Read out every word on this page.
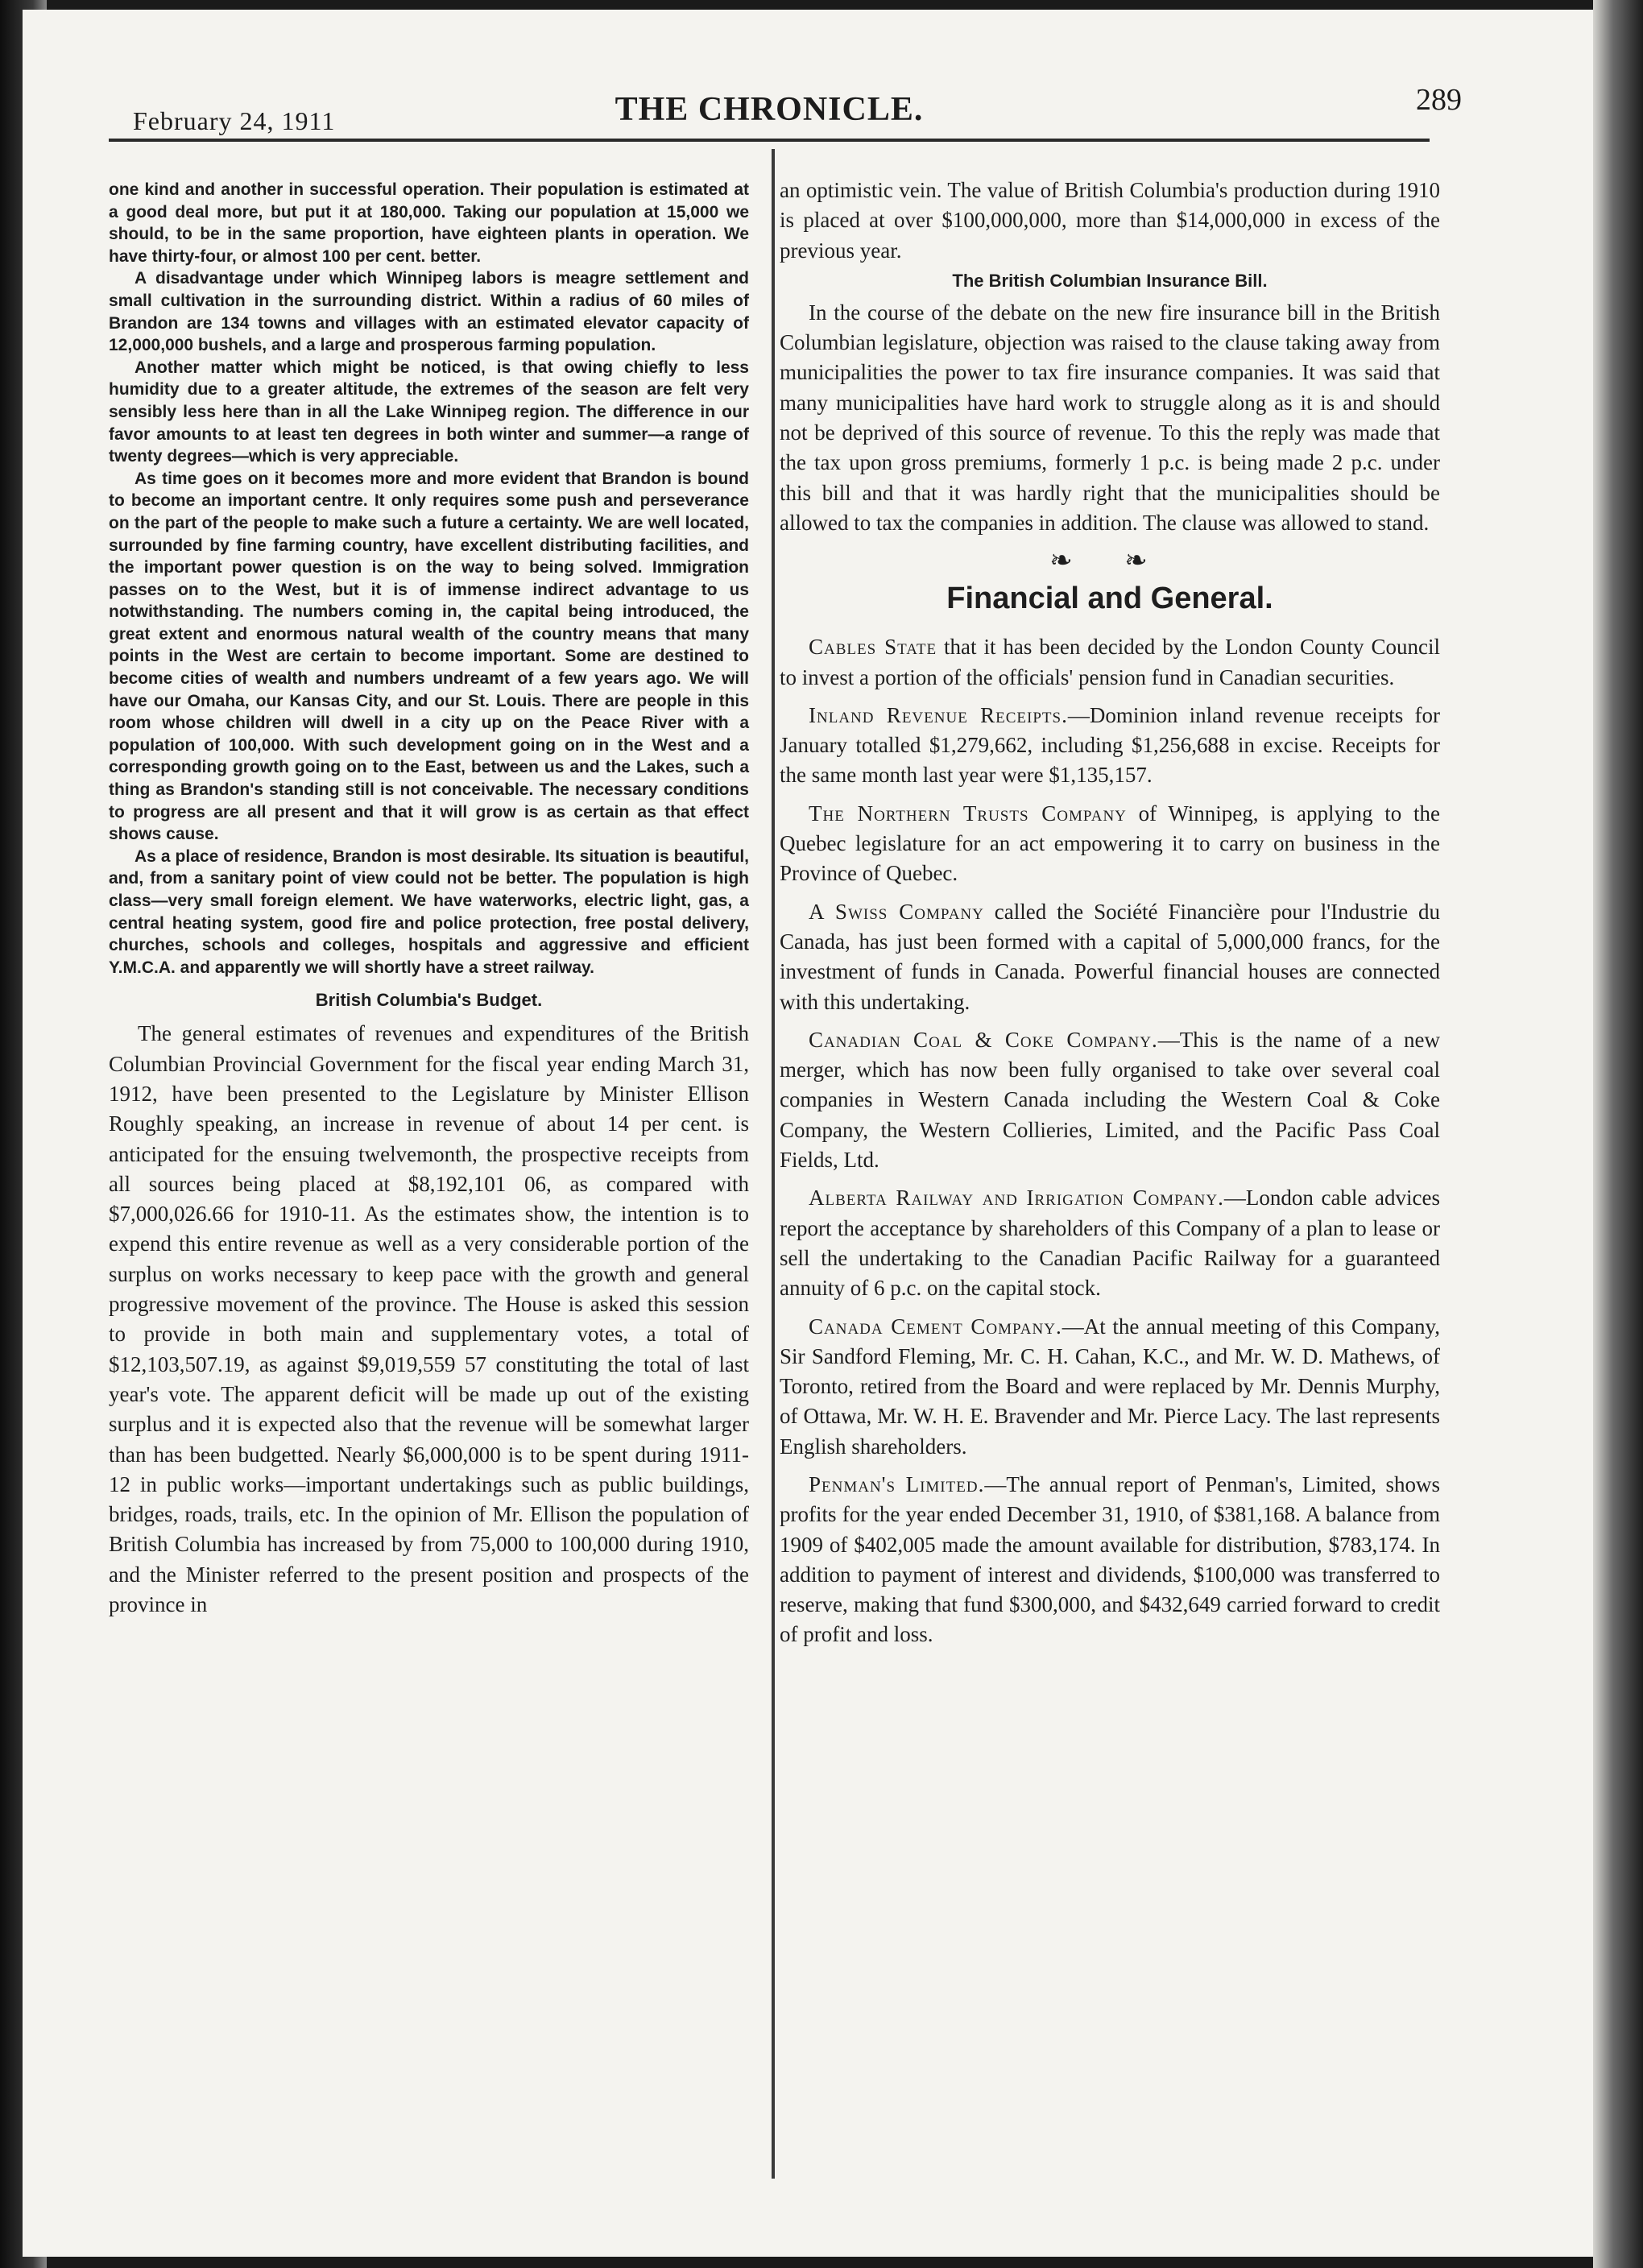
February 24, 1911	THE CHRONICLE.	289

one kind and another in successful operation. Their population is estimated at a good deal more, but put it at 180,000. Taking our population at 15,000 we should, to be in the same proportion, have eighteen plants in operation. We have thirty-four, or almost 100 per cent. better.

A disadvantage under which Winnipeg labors is meagre settlement and small cultivation in the surrounding district. Within a radius of 60 miles of Brandon are 134 towns and villages with an estimated elevator capacity of 12,000,000 bushels, and a large and prosperous farming population.

Another matter which might be noticed, is that owing chiefly to less humidity due to a greater altitude, the extremes of the season are felt very sensibly less here than in all the Lake Winnipeg region. The difference in our favor amounts to at least ten degrees in both winter and summer—a range of twenty degrees—which is very appreciable.

As time goes on it becomes more and more evident that Brandon is bound to become an important centre. It only requires some push and perseverance on the part of the people to make such a future a certainty. We are well located, surrounded by fine farming country, have excellent distributing facilities, and the important power question is on the way to being solved. Immigration passes on to the West, but it is of immense indirect advantage to us notwithstanding. The numbers coming in, the capital being introduced, the great extent and enormous natural wealth of the country means that many points in the West are certain to become important. Some are destined to become cities of wealth and numbers undreamt of a few years ago. We will have our Omaha, our Kansas City, and our St. Louis. There are people in this room whose children will dwell in a city up on the Peace River with a population of 100,000. With such development going on in the West and a corresponding growth going on to the East, between us and the Lakes, such a thing as Brandon's standing still is not conceivable. The necessary conditions to progress are all present and that it will grow is as certain as that effect shows cause.

As a place of residence, Brandon is most desirable. Its situation is beautiful, and, from a sanitary point of view could not be better. The population is high class—very small foreign element. We have waterworks, electric light, gas, a central heating system, good fire and police protection, free postal delivery, churches, schools and colleges, hospitals and aggressive and efficient Y.M.C.A. and apparently we will shortly have a street railway.

British Columbia's Budget.

The general estimates of revenues and expenditures of the British Columbian Provincial Government for the fiscal year ending March 31, 1912, have been presented to the Legislature by Minister Ellison Roughly speaking, an increase in revenue of about 14 per cent. is anticipated for the ensuing twelvemonth, the prospective receipts from all sources being placed at $8,192,101 06, as compared with $7,000,026.66 for 1910-11. As the estimates show, the intention is to expend this entire revenue as well as a very considerable portion of the surplus on works necessary to keep pace with the growth and general progressive movement of the province. The House is asked this session to provide in both main and supplementary votes, a total of $12,103,507.19, as against $9,019,559 57 constituting the total of last year's vote. The apparent deficit will be made up out of the existing surplus and it is expected also that the revenue will be somewhat larger than has been budgetted. Nearly $6,000,000 is to be spent during 1911-12 in public works—important undertakings such as public buildings, bridges, roads, trails, etc. In the opinion of Mr. Ellison the population of British Columbia has increased by from 75,000 to 100,000 during 1910, and the Minister referred to the present position and prospects of the province in

an optimistic vein. The value of British Columbia's production during 1910 is placed at over $100,000,000, more than $14,000,000 in excess of the previous year.

The British Columbian Insurance Bill.

In the course of the debate on the new fire insurance bill in the British Columbian legislature, objection was raised to the clause taking away from municipalities the power to tax fire insurance companies. It was said that many municipalities have hard work to struggle along as it is and should not be deprived of this source of revenue. To this the reply was made that the tax upon gross premiums, formerly 1 p.c. is being made 2 p.c. under this bill and that it was hardly right that the municipalities should be allowed to tax the companies in addition. The clause was allowed to stand.

❧ ❧

Financial and General.

Cables State that it has been decided by the London County Council to invest a portion of the officials' pension fund in Canadian securities.

Inland Revenue Receipts.—Dominion inland revenue receipts for January totalled $1,279,662, including $1,256,688 in excise. Receipts for the same month last year were $1,135,157.

The Northern Trusts Company of Winnipeg, is applying to the Quebec legislature for an act empowering it to carry on business in the Province of Quebec.

A Swiss Company called the Société Financière pour l'Industrie du Canada, has just been formed with a capital of 5,000,000 francs, for the investment of funds in Canada. Powerful financial houses are connected with this undertaking.

Canadian Coal & Coke Company.—This is the name of a new merger, which has now been fully organised to take over several coal companies in Western Canada including the Western Coal & Coke Company, the Western Collieries, Limited, and the Pacific Pass Coal Fields, Ltd.

Alberta Railway and Irrigation Company.—London cable advices report the acceptance by shareholders of this Company of a plan to lease or sell the undertaking to the Canadian Pacific Railway for a guaranteed annuity of 6 p.c. on the capital stock.

Canada Cement Company.—At the annual meeting of this Company, Sir Sandford Fleming, Mr. C. H. Cahan, K.C., and Mr. W. D. Mathews, of Toronto, retired from the Board and were replaced by Mr. Dennis Murphy, of Ottawa, Mr. W. H. E. Bravender and Mr. Pierce Lacy. The last represents English shareholders.

Penman's Limited.—The annual report of Penman's, Limited, shows profits for the year ended December 31, 1910, of $381,168. A balance from 1909 of $402,005 made the amount available for distribution, $783,174. In addition to payment of interest and dividends, $100,000 was transferred to reserve, making that fund $300,000, and $432,649 carried forward to credit of profit and loss.
